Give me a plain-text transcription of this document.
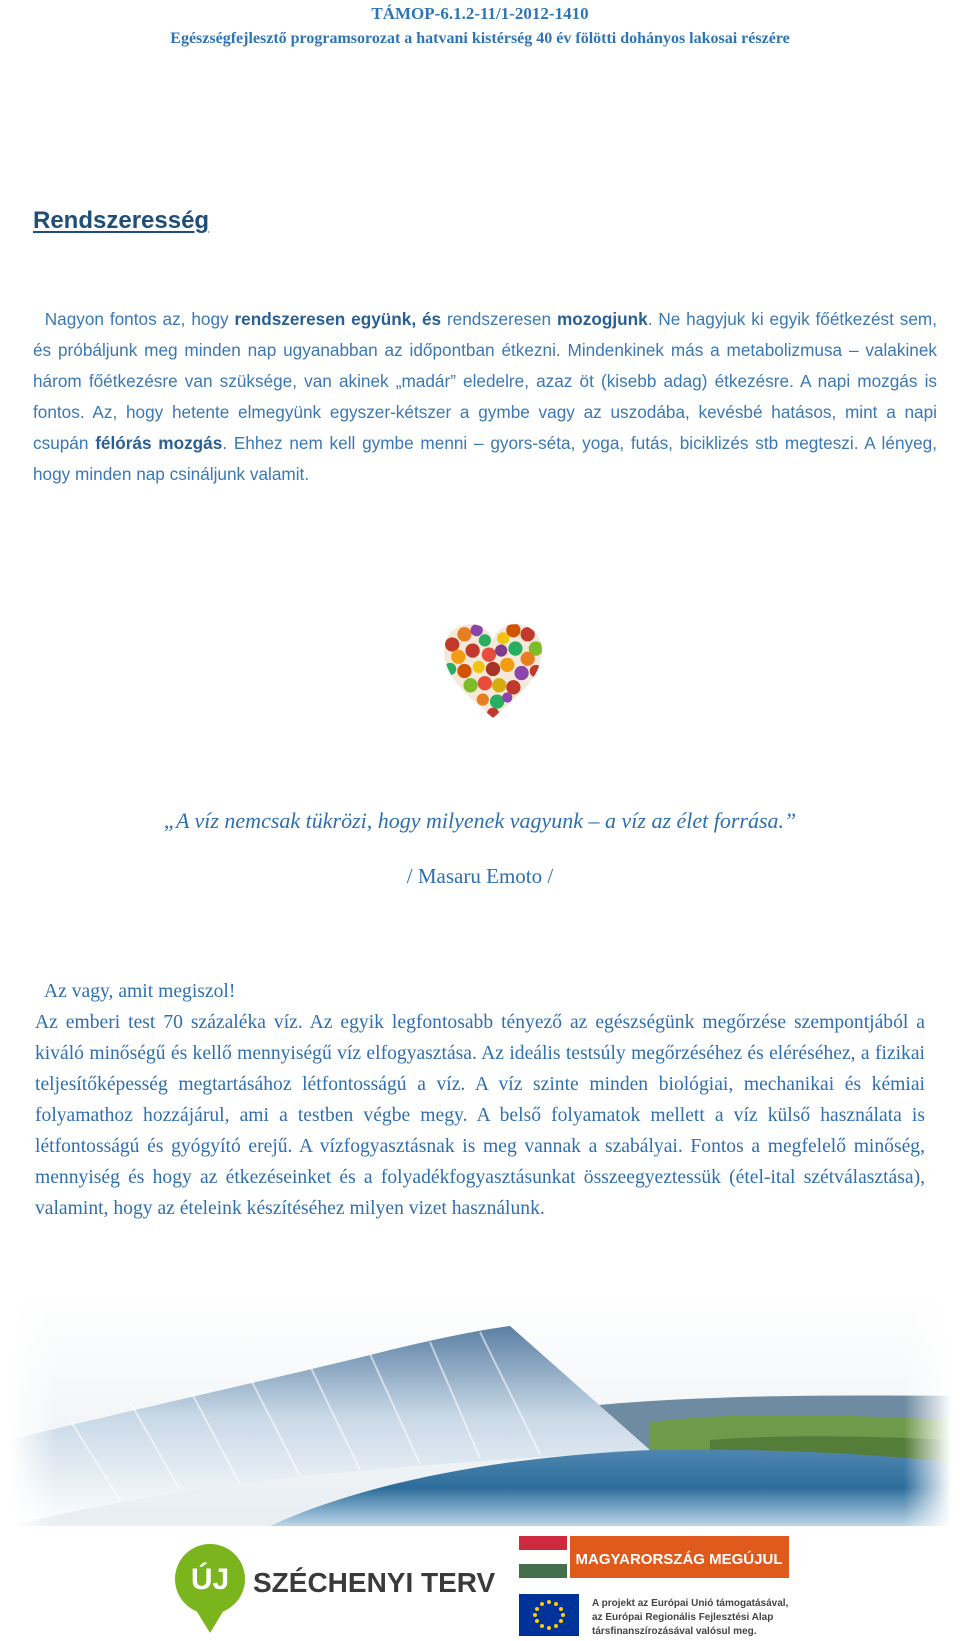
TÁMOP-6.1.2-11/1-2012-1410
Egészségfejlesztő programsorozat a hatvani kistérség 40 év fölötti dohányos lakosai részére
Rendszeresség
Nagyon fontos az, hogy rendszeresen együnk, és rendszeresen mozogjunk. Ne hagyjuk ki egyik főétkezést sem, és próbáljunk meg minden nap ugyanabban az időpontban étkezni. Mindenkinek más a metabolizmusa – valakinek három főétkezésre van szüksége, van akinek „madár” eledelre, azaz öt (kisebb adag) étkezésre. A napi mozgás is fontos. Az, hogy hetente elmegyünk egyszer-kétszer a gymbe vagy az uszodába, kevésbé hatásos, mint a napi csupán félórás mozgás. Ehhez nem kell gymbe menni – gyors-séta, yoga, futás, biciklizés stb megteszi. A lényeg, hogy minden nap csináljunk valamit.
„A víz nemcsak tükrözi, hogy milyenek vagyunk – a víz az élet forrása.”
/ Masaru Emoto /
Az vagy, amit megiszol!
Az emberi test 70 százaléka víz. Az egyik legfontosabb tényező az egészségünk megőrzése szempontjából a kiváló minőségű és kellő mennyiségű víz elfogyasztása. Az ideális testsúly megőrzéséhez és eléréséhez, a fizikai teljesítőképesség megtartásához létfontosságú a víz. A víz szinte minden biológiai, mechanikai és kémiai folyamathoz hozzájárul, ami a testben végbe megy. A belső folyamatok mellett a víz külső használata is létfontosságú és gyógyító erejű. A vízfogyasztásnak is meg vannak a szabályai. Fontos a megfelelő minőség, mennyiség és hogy az étkezéseinket és a folyadékfogyasztásunkat összeegyeztessük (étel-ital szétválasztása), valamint, hogy az ételeink készítéséhez milyen vizet használunk.
ÚJ SZÉCHENYI TERV
MAGYARORSZÁG MEGÚJUL
A projekt az Európai Unió támogatásával,
az Európai Regionális Fejlesztési Alap
társfinanszírozásával valósul meg.
